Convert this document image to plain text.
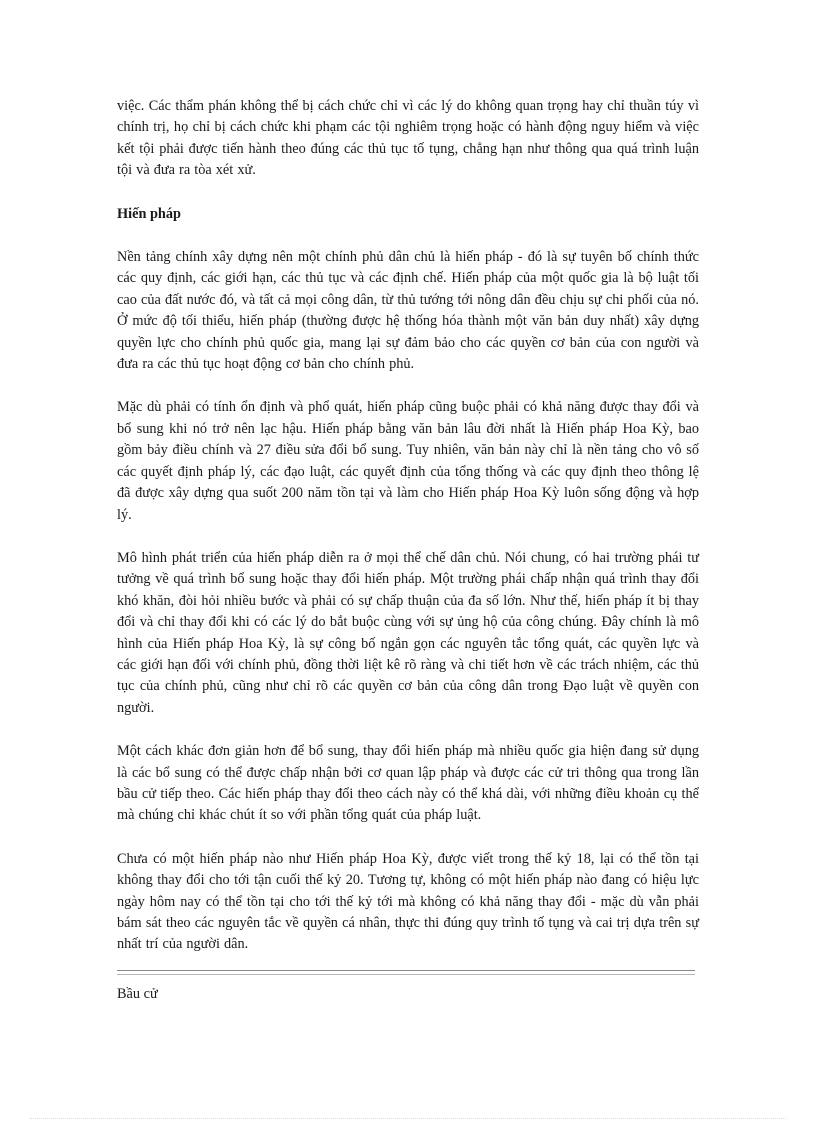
việc. Các thẩm phán không thể bị cách chức chỉ vì các lý do không quan trọng hay chỉ thuần túy vì chính trị, họ chỉ bị cách chức khi phạm các tội nghiêm trọng hoặc có hành động nguy hiểm và việc kết tội phải được tiến hành theo đúng các thủ tục tố tụng, chẳng hạn như thông qua quá trình luận tội và đưa ra tòa xét xử.

Hiến pháp

Nền tảng chính xây dựng nên một chính phủ dân chủ là hiến pháp - đó là sự tuyên bố chính thức các quy định, các giới hạn, các thủ tục và các định chế. Hiến pháp của một quốc gia là bộ luật tối cao của đất nước đó, và tất cả mọi công dân, từ thủ tướng tới nông dân đều chịu sự chi phối của nó. Ở mức độ tối thiểu, hiến pháp (thường được hệ thống hóa thành một văn bản duy nhất) xây dựng quyền lực cho chính phủ quốc gia, mang lại sự đảm bảo cho các quyền cơ bản của con người và đưa ra các thủ tục hoạt động cơ bản cho chính phủ.

Mặc dù phải có tính ổn định và phổ quát, hiến pháp cũng buộc phải có khả năng được thay đổi và bổ sung khi nó trở nên lạc hậu. Hiến pháp bằng văn bản lâu đời nhất là Hiến pháp Hoa Kỳ, bao gồm bảy điều chính và 27 điều sửa đổi bổ sung. Tuy nhiên, văn bản này chỉ là nền tảng cho vô số các quyết định pháp lý, các đạo luật, các quyết định của tổng thống và các quy định theo thông lệ đã được xây dựng qua suốt 200 năm tồn tại và làm cho Hiến pháp Hoa Kỳ luôn sống động và hợp lý.

Mô hình phát triển của hiến pháp diễn ra ở mọi thể chế dân chủ. Nói chung, có hai trường phái tư tưởng về quá trình bổ sung hoặc thay đổi hiến pháp. Một trường phái chấp nhận quá trình thay đổi khó khăn, đòi hỏi nhiều bước và phải có sự chấp thuận của đa số lớn. Như thế, hiến pháp ít bị thay đổi và chỉ thay đổi khi có các lý do bắt buộc cùng với sự ủng hộ của công chúng. Đây chính là mô hình của Hiến pháp Hoa Kỳ, là sự công bố ngắn gọn các nguyên tắc tổng quát, các quyền lực và các giới hạn đối với chính phủ, đồng thời liệt kê rõ ràng và chi tiết hơn về các trách nhiệm, các thủ tục của chính phủ, cũng như chỉ rõ các quyền cơ bản của công dân trong Đạo luật về quyền con người.

Một cách khác đơn giản hơn để bổ sung, thay đổi hiến pháp mà nhiều quốc gia hiện đang sử dụng là các bổ sung có thể được chấp nhận bởi cơ quan lập pháp và được các cử tri thông qua trong lần bầu cử tiếp theo. Các hiến pháp thay đổi theo cách này có thể khá dài, với những điều khoản cụ thể mà chúng chỉ khác chút ít so với phần tổng quát của pháp luật.

Chưa có một hiến pháp nào như Hiến pháp Hoa Kỳ, được viết trong thế kỷ 18, lại có thể tồn tại không thay đổi cho tới tận cuối thế kỷ 20. Tương tự, không có một hiến pháp nào đang có hiệu lực ngày hôm nay có thể tồn tại cho tới thế kỷ tới mà không có khả năng thay đổi - mặc dù vẫn phải bám sát theo các nguyên tắc về quyền cá nhân, thực thi đúng quy trình tố tụng và cai trị dựa trên sự nhất trí của người dân.

Bầu cử
